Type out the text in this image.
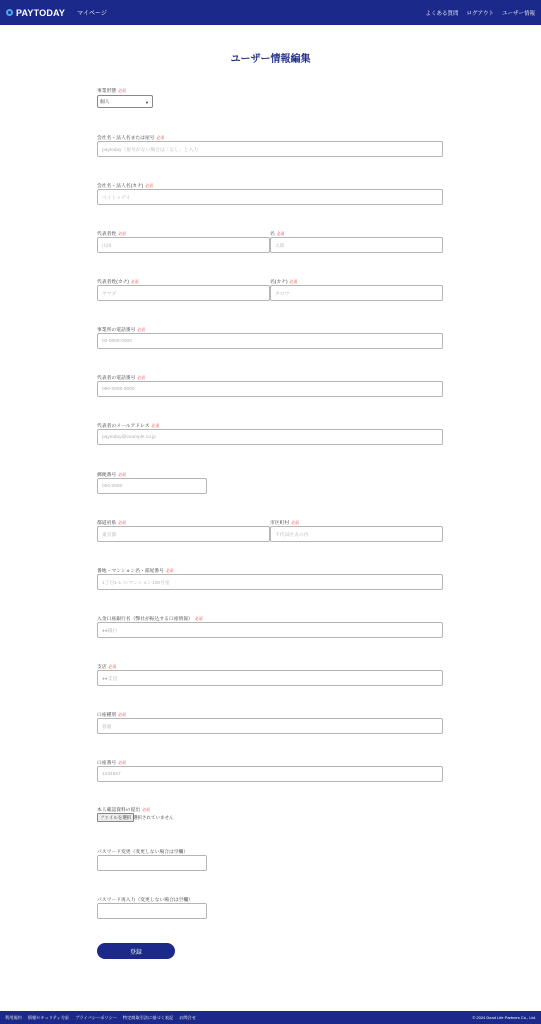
PAYTODAY マイページ	よくある質問 ログアウト ユーザー情報
ユーザー情報編集
事業形態 必須
個人	▼
会社名・法人名または屋号 必須
paytoday（屋号がない場合は「なし」と入力
会社名・法人名(カナ) 必須
ペイトゥデイ
代表者姓 必須	名 必須
山田	太郎
代表者姓(カナ) 必須	名(カナ) 必須
ヤマダ	タロウ
事業所の電話番号 必須
03-0000-0000
代表者の電話番号 必須
090-0000-0000
代表者のメールアドレス 必須
paytoday@example.co.jp
郵便番号 必須
000-0000
都道府県 必須	市区町村 必須
東京都	千代田区丸の内
番地・マンション名・部屋番号 必須
1丁目1-1 ○○マンション100号室
入金口座銀行名（弊社が振込する口座情報） 必須
●●銀行
支店 必須
●●支店
口座種別 必須
普通
口座番号 必須
1234567
本人確認資料の提出 必須
ファイルを選択 選択されていません
パスワード変更（変更しない場合は空欄）
パスワード再入力（変更しない場合は空欄）
登録
利用規約 情報セキュリティ方針 プライバシーポリシー 特定商取引法に基づく表記 お問合せ	© 2024 Dead Life Partners Co., Ltd.
